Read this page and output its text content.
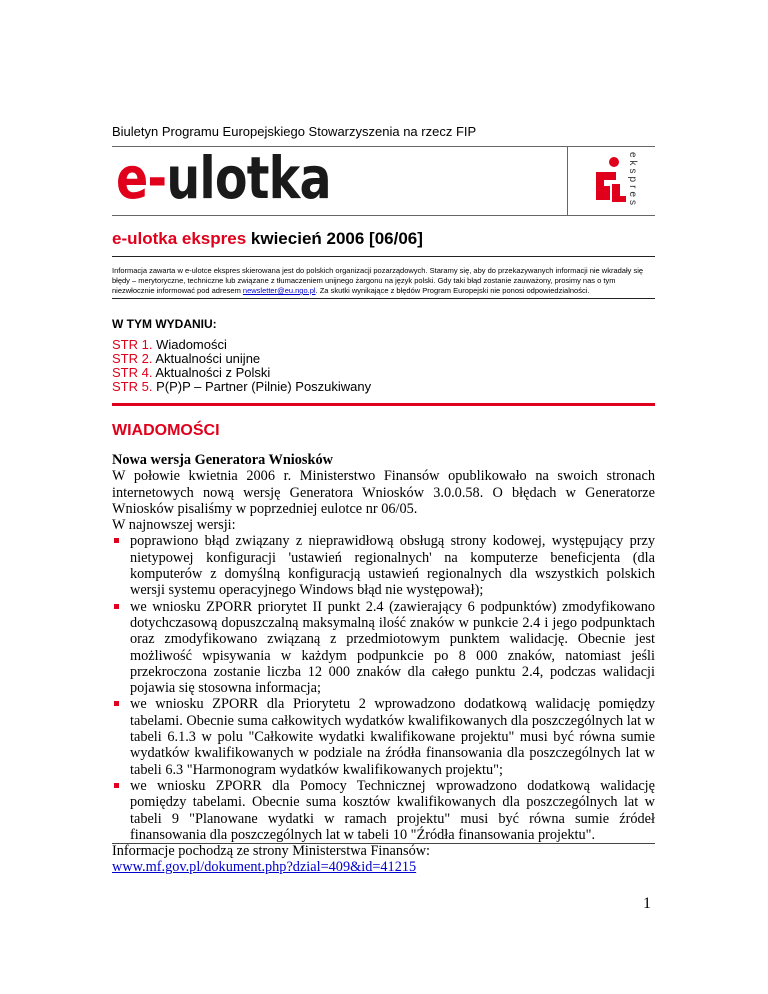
Biuletyn Programu Europejskiego Stowarzyszenia na rzecz FIP
e-ulotka	ekspres
e-ulotka ekspres kwiecień 2006 [06/06]
Informacja zawarta w e-ulotce ekspres skierowana jest do polskich organizacji pozarządowych. Staramy się, aby do przekazywanych informacji nie wkradały się błędy – merytoryczne, techniczne lub związane z tłumaczeniem unijnego żargonu na język polski. Gdy taki błąd zostanie zauważony, prosimy nas o tym niezwłocznie informować pod adresem newsletter@eu.ngo.pl. Za skutki wynikające z błędów Program Europejski nie ponosi odpowiedzialności.
W TYM WYDANIU:
STR 1. Wiadomości
STR 2. Aktualności unijne
STR 4. Aktualności z Polski
STR 5. P(P)P – Partner (Pilnie) Poszukiwany
WIADOMOŚCI

Nowa wersja Generatora Wniosków

W połowie kwietnia 2006 r. Ministerstwo Finansów opublikowało na swoich stronach internetowych nową wersję Generatora Wniosków 3.0.0.58. O błędach w Generatorze Wniosków pisaliśmy w poprzedniej eulotce nr 06/05.

W najnowszej wersji:

poprawiono błąd związany z nieprawidłową obsługą strony kodowej, występujący przy nietypowej konfiguracji 'ustawień regionalnych' na komputerze beneficjenta (dla komputerów z domyślną konfiguracją ustawień regionalnych dla wszystkich polskich wersji systemu operacyjnego Windows błąd nie występował);
we wniosku ZPORR priorytet II punkt 2.4 (zawierający 6 podpunktów) zmodyfikowano dotychczasową dopuszczalną maksymalną ilość znaków w punkcie 2.4 i jego podpunktach oraz zmodyfikowano związaną z przedmiotowym punktem walidację. Obecnie jest możliwość wpisywania w każdym podpunkcie po 8 000 znaków, natomiast jeśli przekroczona zostanie liczba 12 000 znaków dla całego punktu 2.4, podczas walidacji pojawia się stosowna informacja;
we wniosku ZPORR dla Priorytetu 2 wprowadzono dodatkową walidację pomiędzy tabelami. Obecnie suma całkowitych wydatków kwalifikowanych dla poszczególnych lat w tabeli 6.1.3 w polu "Całkowite wydatki kwalifikowane projektu" musi być równa sumie wydatków kwalifikowanych w podziale na źródła finansowania dla poszczególnych lat w tabeli 6.3 "Harmonogram wydatków kwalifikowanych projektu";
we wniosku ZPORR dla Pomocy Technicznej wprowadzono dodatkową walidację pomiędzy tabelami. Obecnie suma kosztów kwalifikowanych dla poszczególnych lat w tabeli 9 "Planowane wydatki w ramach projektu" musi być równa sumie źródeł finansowania dla poszczególnych lat w tabeli 10 "Źródła finansowania projektu".

Informacje pochodzą ze strony Ministerstwa Finansów:

www.mf.gov.pl/dokument.php?dzial=409&id=41215

1
